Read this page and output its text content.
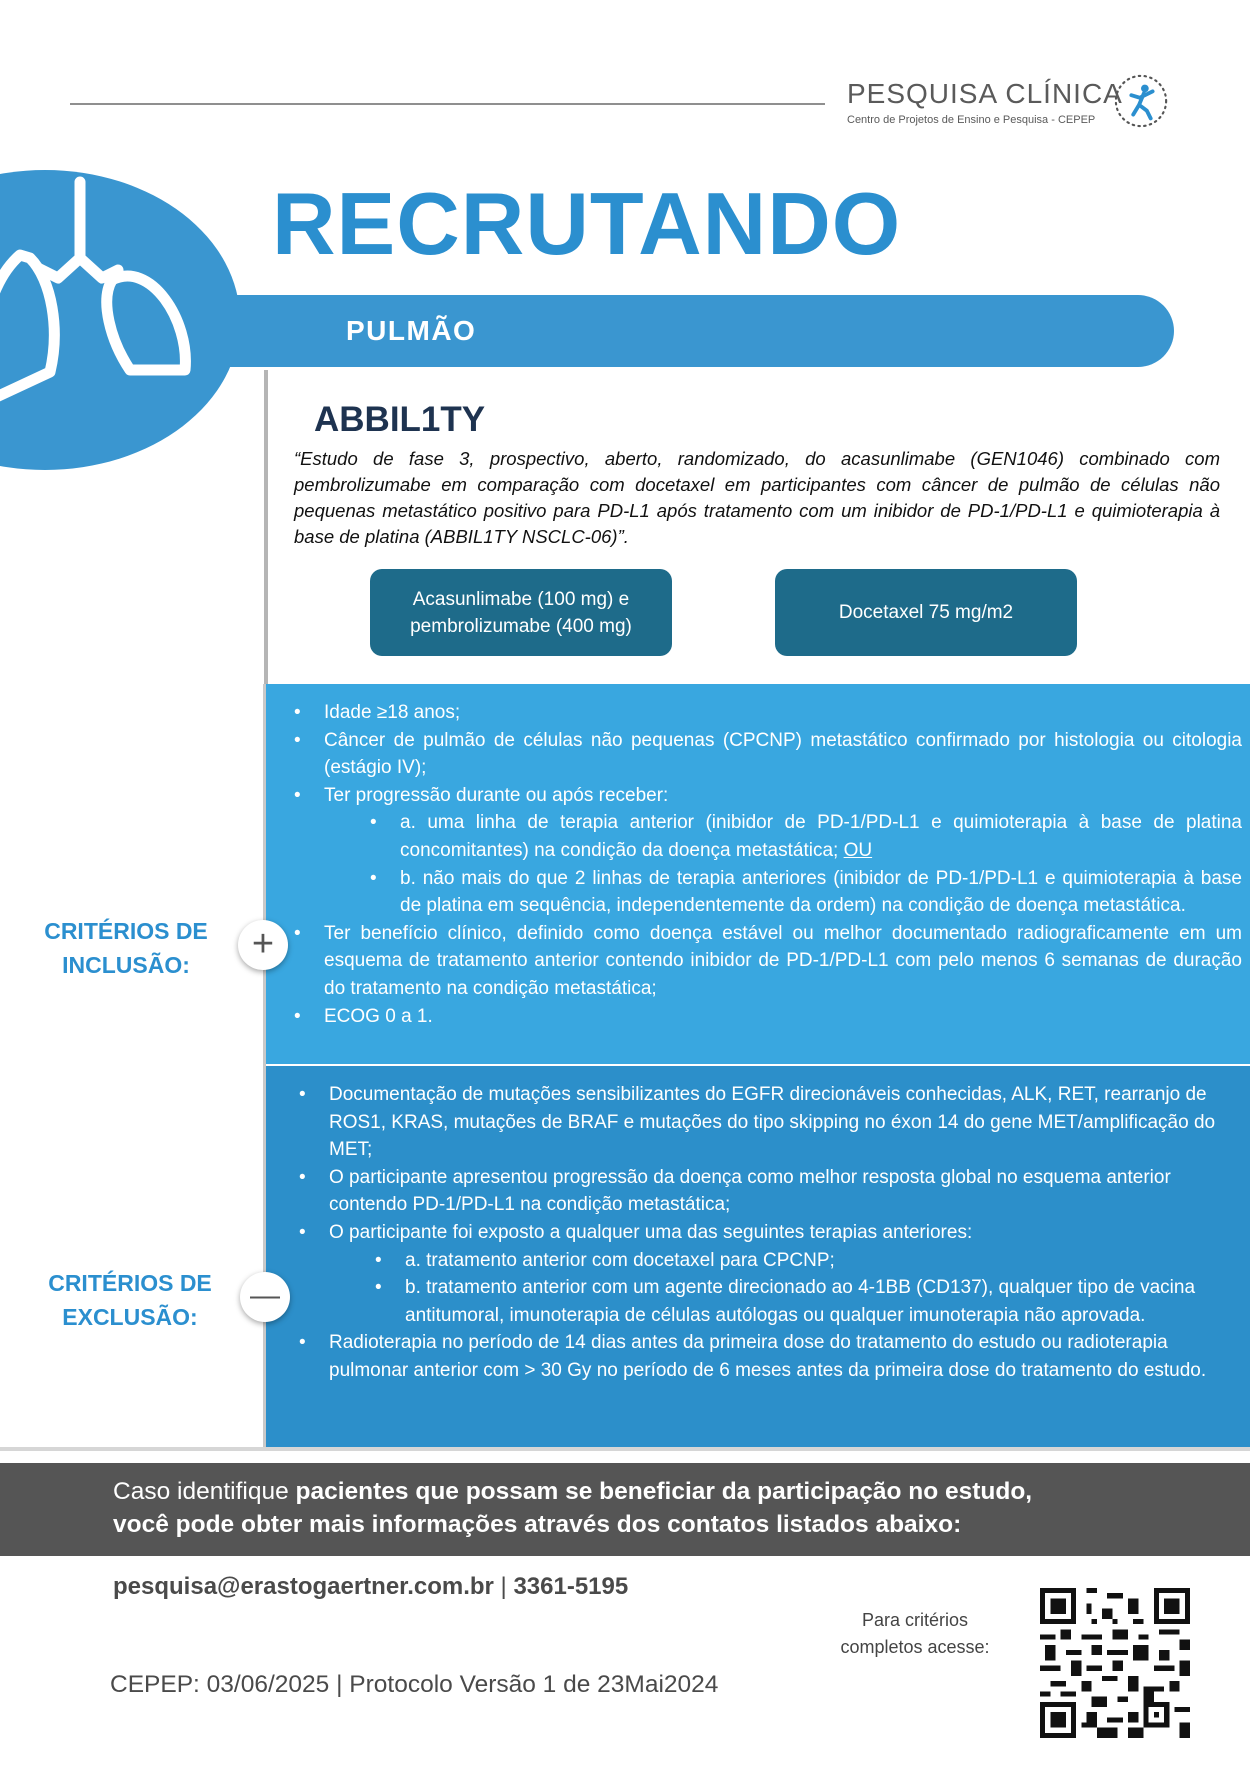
PESQUISA CLÍNICA
Centro de Projetos de Ensino e Pesquisa - CEPEP
RECRUTANDO
PULMÃO
ABBIL1TY
“Estudo de fase 3, prospectivo, aberto, randomizado, do acasunlimabe (GEN1046) combinado com pembrolizumabe em comparação com docetaxel em participantes com câncer de pulmão de células não pequenas metastático positivo para PD-L1 após tratamento com um inibidor de PD-1/PD-L1 e quimioterapia à base de platina (ABBIL1TY NSCLC-06)”.
Acasunlimabe (100 mg) e
pembrolizumabe (400 mg)
Docetaxel 75 mg/m2
CRITÉRIOS DE
INCLUSÃO:	+
• Idade ≥18 anos;
• Câncer de pulmão de células não pequenas (CPCNP) metastático confirmado por histologia ou citologia (estágio IV);
• Ter progressão durante ou após receber:
• a. uma linha de terapia anterior (inibidor de PD-1/PD-L1 e quimioterapia à base de platina concomitantes) na condição da doença metastática; OU
• b. não mais do que 2 linhas de terapia anteriores (inibidor de PD-1/PD-L1 e quimioterapia à base de platina em sequência, independentemente da ordem) na condição de doença metastática.
• Ter benefício clínico, definido como doença estável ou melhor documentado radiograficamente em um esquema de tratamento anterior contendo inibidor de PD-1/PD-L1 com pelo menos 6 semanas de duração do tratamento na condição metastática;
• ECOG 0 a 1.
CRITÉRIOS DE
EXCLUSÃO:
—
• Documentação de mutações sensibilizantes do EGFR direcionáveis conhecidas, ALK, RET, rearranjo de ROS1, KRAS, mutações de BRAF e mutações do tipo skipping no éxon 14 do gene MET/amplificação do MET;
• O participante apresentou progressão da doença como melhor resposta global no esquema anterior contendo PD-1/PD-L1 na condição metastática;
• O participante foi exposto a qualquer uma das seguintes terapias anteriores:
• a. tratamento anterior com docetaxel para CPCNP;
• b. tratamento anterior com um agente direcionado ao 4-1BB (CD137), qualquer tipo de vacina antitumoral, imunoterapia de células autólogas ou qualquer imunoterapia não aprovada.
• Radioterapia no período de 14 dias antes da primeira dose do tratamento do estudo ou radioterapia pulmonar anterior com > 30 Gy no período de 6 meses antes da primeira dose do tratamento do estudo.
Caso identifique pacientes que possam se beneficiar da participação no estudo,
você pode obter mais informações através dos contatos listados abaixo:
pesquisa@erastogaertner.com.br | 3361-5195
Para critérios
completos acesse:
CEPEP: 03/06/2025 | Protocolo Versão 1 de 23Mai2024
